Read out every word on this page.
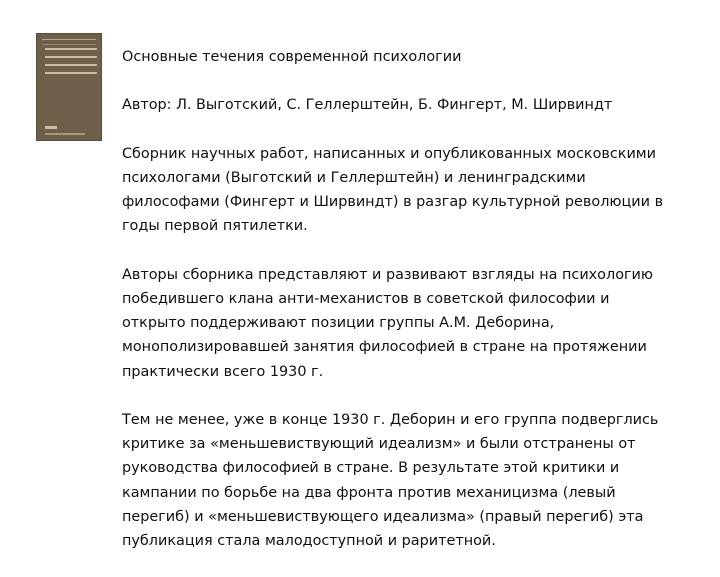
Основные течения современной психологии

Автор: Л. Выготский, С. Геллерштейн, Б. Фингерт, М. Ширвиндт

Сборник научных работ, написанных и опубликованных московскими
психологами (Выготский и Геллерштейн) и ленинградскими
философами (Фингерт и Ширвиндт) в разгар культурной революции в
годы первой пятилетки.

Авторы сборника представляют и развивают взгляды на психологию
победившего клана анти-механистов в советской философии и
открыто поддерживают позиции группы А.М. Деборина,
монополизировавшей занятия философией в стране на протяжении
практически всего 1930 г.

Тем не менее, уже в конце 1930 г. Деборин и его группа подверглись
критике за «меньшевиствующий идеализм» и были отстранены от
руководства философией в стране. В результате этой критики и
кампании по борьбе на два фронта против механицизма (левый
перегиб) и «меньшевиствующего идеализма» (правый перегиб) эта
публикация стала малодоступной и раритетной.
